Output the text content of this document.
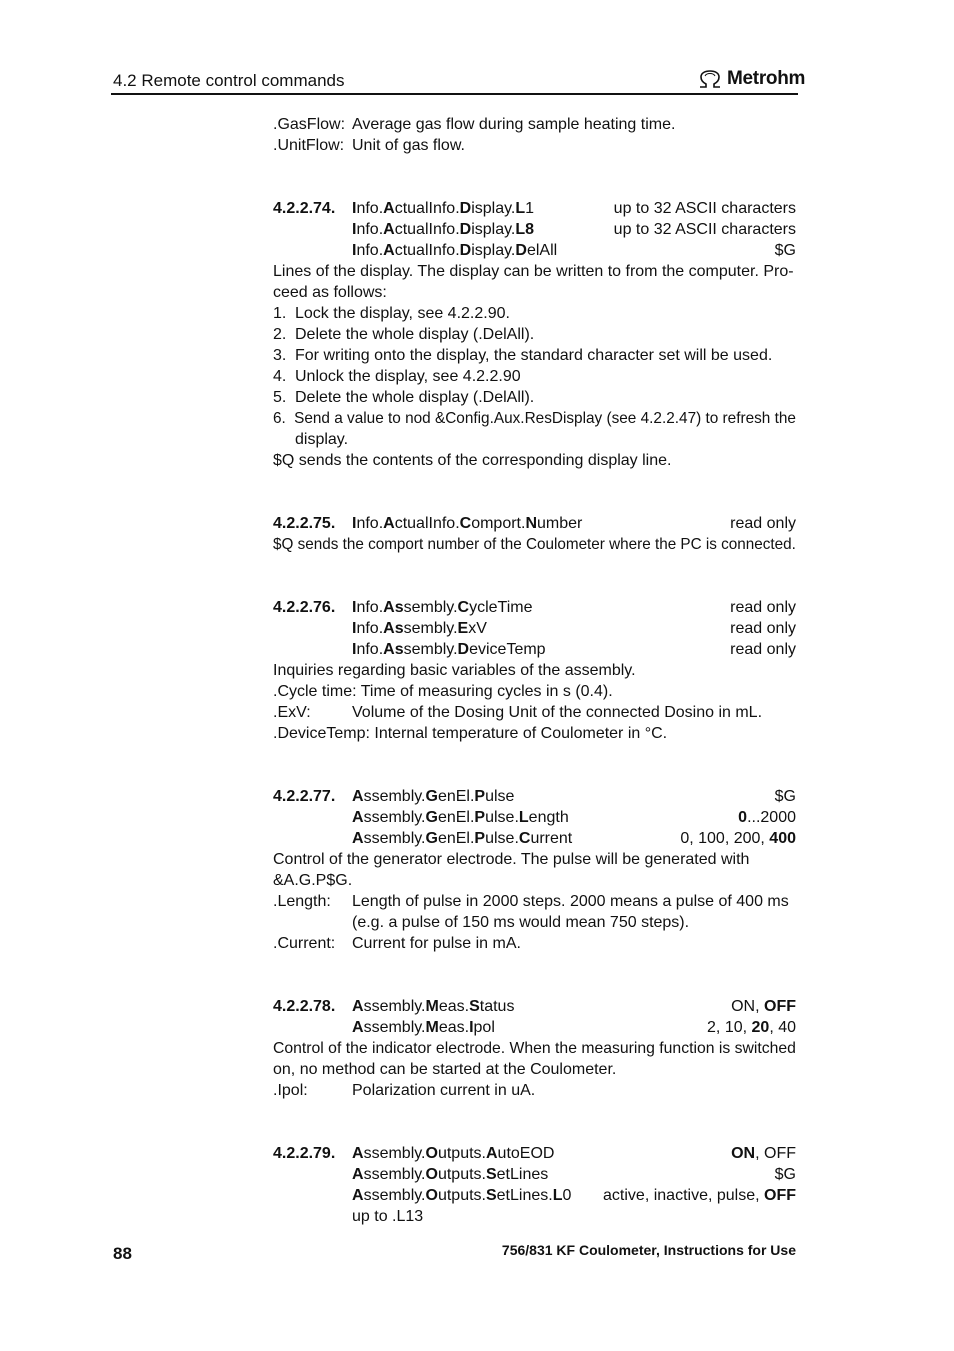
4.2 Remote control commands	Metrohm
.GasFlow: Average gas flow during sample heating time.
.UnitFlow: Unit of gas flow.
4.2.2.74.	Info.ActualInfo.Display.L1	up to 32 ASCII characters
Info.ActualInfo.Display.L8	up to 32 ASCII characters
Info.ActualInfo.Display.DelAll	$G
Lines of the display. The display can be written to from the computer. Pro-
ceed as follows:
1. Lock the display, see 4.2.2.90.
2. Delete the whole display (.DelAll).
3. For writing onto the display, the standard character set will be used.
4. Unlock the display, see 4.2.2.90
5. Delete the whole display (.DelAll).
6. Send a value to nod &Config.Aux.ResDisplay (see 4.2.2.47) to refresh the
display.
$Q sends the contents of the corresponding display line.
4.2.2.75.	Info.ActualInfo.Comport.Number	read only
$Q sends the comport number of the Coulometer where the PC is connected.
4.2.2.76.	Info.Assembly.CycleTime	read only
Info.Assembly.ExV	read only
Info.Assembly.DeviceTemp	read only
Inquiries regarding basic variables of the assembly.
.Cycle time: Time of measuring cycles in s (0.4).
.ExV:	Volume of the Dosing Unit of the connected Dosino in mL.
.DeviceTemp: Internal temperature of Coulometer in °C.
4.2.2.77.	Assembly.GenEl.Pulse	$G
Assembly.GenEl.Pulse.Length	0...2000
Assembly.GenEl.Pulse.Current	0, 100, 200, 400
Control of the generator electrode. The pulse will be generated with
&A.G.P$G.
.Length:	Length of pulse in 2000 steps. 2000 means a pulse of 400 ms
(e.g. a pulse of 150 ms would mean 750 steps).
.Current:	Current for pulse in mA.
4.2.2.78.	Assembly.Meas.Status	ON, OFF
Assembly.Meas.Ipol	2, 10, 20, 40
Control of the indicator electrode. When the measuring function is switched
on, no method can be started at the Coulometer.
.Ipol:	Polarization current in uA.
4.2.2.79.	Assembly.Outputs.AutoEOD	ON, OFF
Assembly.Outputs.SetLines	$G
Assembly.Outputs.SetLines.L0	active, inactive, pulse, OFF
up to .L13
88	756/831 KF Coulometer, Instructions for Use
